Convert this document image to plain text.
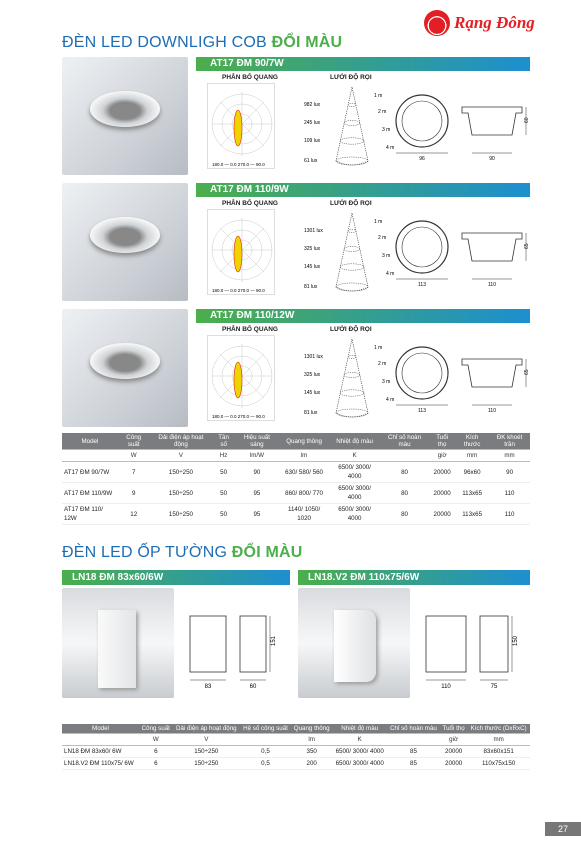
Rạng Đông
ĐÈN LED DOWNLIGH COB ĐỔI MÀU
AT17 ĐM 90/7W
PHÂN BỐ QUANG	LƯỚI ĐỘ RỌI
180.0 — 0.0 270.0 — 90.0
982 lux
245 lux
109 lux
61 lux
1 m
2 m
3 m
4 m
96	90
60
AT17 ĐM 110/9W
PHÂN BỐ QUANG	LƯỚI ĐỘ RỌI
180.0 — 0.0 270.0 — 90.0
1301 lux
325 lux
145 lux
81 lux
1 m
2 m
3 m
4 m
113	110
65
AT17 ĐM 110/12W
PHÂN BỐ QUANG	LƯỚI ĐỘ RỌI
180.0 — 0.0 270.0 — 90.0
1301 lux
325 lux
145 lux
81 lux
1 m
2 m
3 m
4 m
113	110
65
Model	Công suất	Dải điện áp hoạt động	Tần số	Hiệu suất sáng	Quang thông	Nhiệt độ màu	Chỉ số hoàn màu	Tuổi thọ	Kích thước	ĐK khoét trần
	W	V	Hz	lm/W	lm	K		giờ	mm	mm
AT17 ĐM 90/7W	7	150÷250	50	90	630/ 580/ 560	6500/ 3000/ 4000	80	20000	96x60	90
AT17 ĐM 110/9W	9	150÷250	50	95	860/ 800/ 770	6500/ 3000/ 4000	80	20000	113x65	110
AT17 ĐM 110/ 12W	12	150÷250	50	95	1140/ 1050/ 1020	6500/ 3000/ 4000	80	20000	113x65	110
ĐÈN LED ỐP TƯỜNG ĐỔI MÀU
LN18 ĐM 83x60/6W
83	60
151
LN18.V2 ĐM 110x75/6W
110	75
150
Model	Công suất	Dải điện áp hoạt động	Hệ số công suất	Quang thông	Nhiệt độ màu	Chỉ số hoàn màu	Tuổi thọ	Kích thước (DxRxC)
	W	V		lm	K		giờ	mm
LN18 ĐM 83x60/ 6W	6	150÷250	0,5	350	6500/ 3000/ 4000	85	20000	83x60x151
LN18.V2 ĐM 110x75/ 6W	6	150÷250	0,5	200	6500/ 3000/ 4000	85	20000	110x75x150
27
